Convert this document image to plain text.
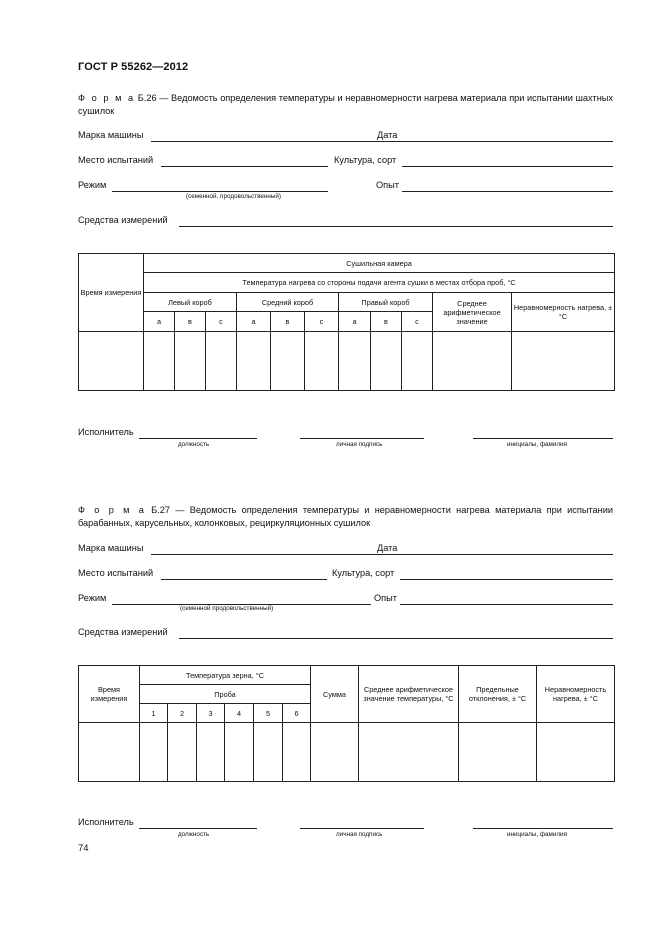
ГОСТ Р 55262—2012
Ф о р м а Б.26 — Ведомость определения температуры и неравномерности нагрева материала при испытании шахтных сушилок
Марка машины	Дата
Место испытаний	Культура, сорт
Режим	Опыт
(семенной, продовольственный)
Средства измерений
Время измерения	Сушильная камера										
	Температура нагрева со стороны подачи агента сушки в местах отбора проб, °С										
	Левый короб			Средний короб			Правый короб			Среднее арифметическое значение	Неравномерность нагрева, ± °С
	а	в	с	а	в	с	а	в	с		

Исполнитель
должность	личная подпись	инициалы, фамилия
Ф о р м а Б.27 — Ведомость определения температуры и неравномерности нагрева материала при испытании барабанных, карусельных, колонковых, рециркуляционных сушилок
Марка машины	Дата
Место испытаний	Культура, сорт
Режим	Опыт
(семенной продовольственный)
Средства измерений
Время измерения	Температура зерна, °С						Сумма	Среднее арифметическое значение температуры, °С	Предельные отклонения, ± °С	Неравномерность нагрева, ± °С
	Проба									
	1	2	3	4	5	6				

Исполнитель
должность	личная подпись	инициалы, фамилия
74
